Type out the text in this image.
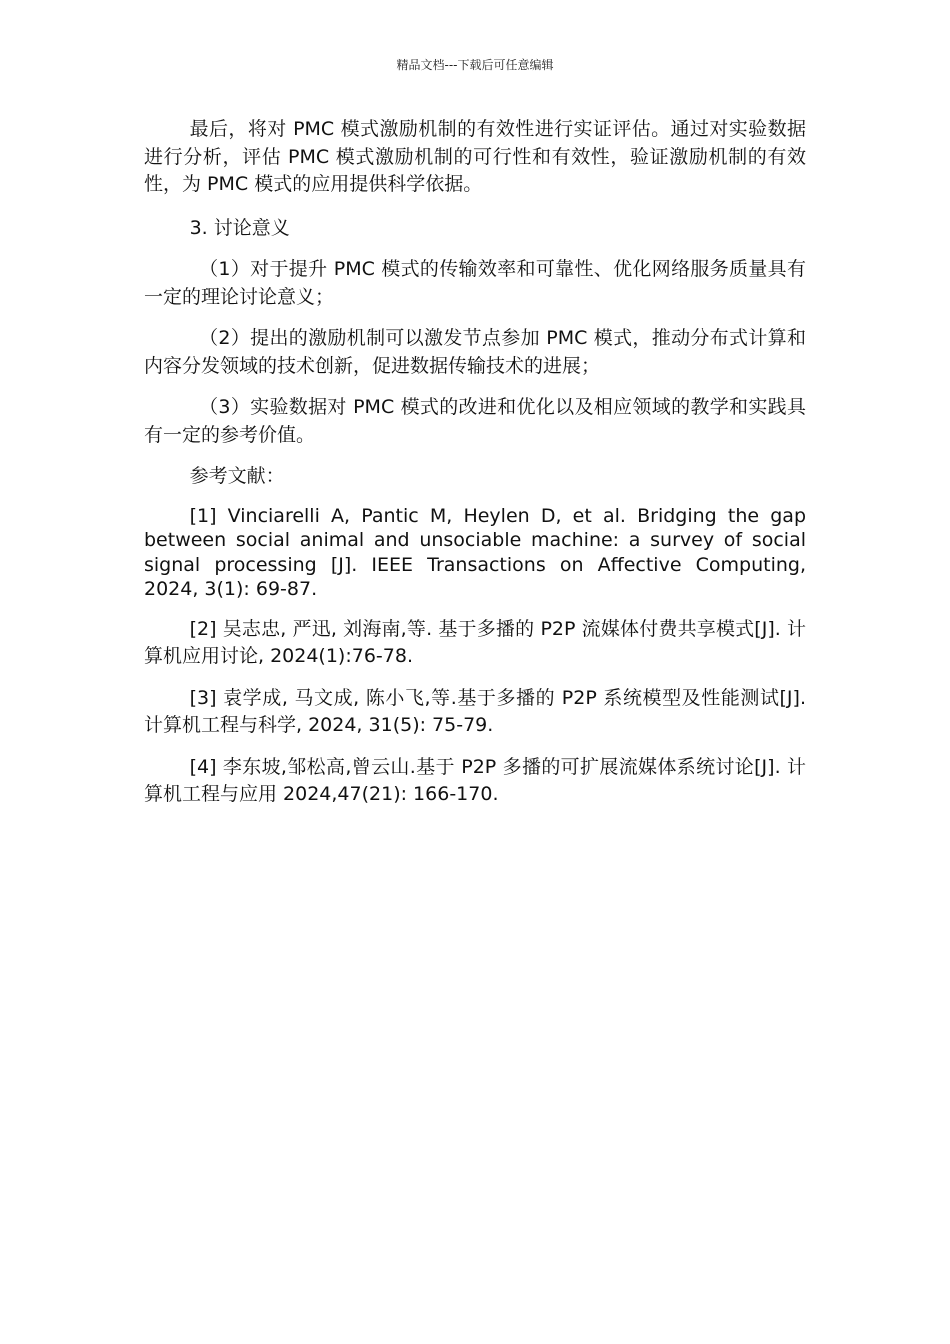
精品文档---下载后可任意编辑

最后，将对 PMC 模式激励机制的有效性进行实证评估。通过对实验数据进行分析，评估 PMC 模式激励机制的可行性和有效性，验证激励机制的有效性，为 PMC 模式的应用提供科学依据。

3. 讨论意义

（1）对于提升 PMC 模式的传输效率和可靠性、优化网络服务质量具有一定的理论讨论意义；

（2）提出的激励机制可以激发节点参加 PMC 模式，推动分布式计算和内容分发领域的技术创新，促进数据传输技术的进展；

（3）实验数据对 PMC 模式的改进和优化以及相应领域的教学和实践具有一定的参考价值。

参考文献：

[1] Vinciarelli A, Pantic M, Heylen D, et al. Bridging the gap between social animal and unsociable machine: a survey of social signal processing [J]. IEEE Transactions on Affective Computing, 2024, 3(1): 69-87.

[2] 吴志忠, 严迅, 刘海南,等. 基于多播的 P2P 流媒体付费共享模式[J]. 计算机应用讨论, 2024(1):76-78.

[3] 袁学成, 马文成, 陈小飞,等.基于多播的 P2P 系统模型及性能测试[J]. 计算机工程与科学, 2024, 31(5): 75-79.

[4] 李东坡,邹松高,曾云山.基于 P2P 多播的可扩展流媒体系统讨论[J]. 计算机工程与应用 2024,47(21): 166-170.
